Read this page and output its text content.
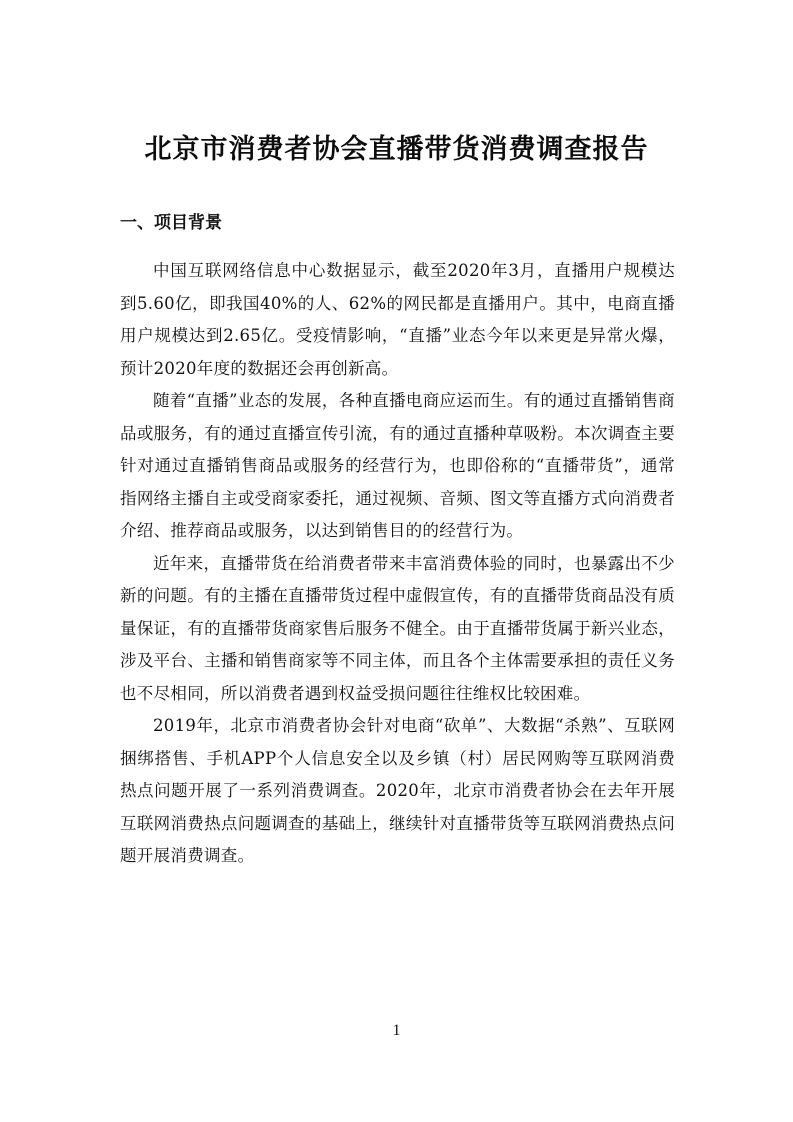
北京市消费者协会直播带货消费调查报告
一、项目背景

中国互联网络信息中心数据显示，截至2020年3月，直播用户规模达到5.60亿，即我国40%的人、62%的网民都是直播用户。其中，电商直播用户规模达到2.65亿。受疫情影响，“直播”业态今年以来更是异常火爆，预计2020年度的数据还会再创新高。

随着“直播”业态的发展，各种直播电商应运而生。有的通过直播销售商品或服务，有的通过直播宣传引流，有的通过直播种草吸粉。本次调查主要针对通过直播销售商品或服务的经营行为，也即俗称的“直播带货”，通常指网络主播自主或受商家委托，通过视频、音频、图文等直播方式向消费者介绍、推荐商品或服务，以达到销售目的的经营行为。

近年来，直播带货在给消费者带来丰富消费体验的同时，也暴露出不少新的问题。有的主播在直播带货过程中虚假宣传，有的直播带货商品没有质量保证，有的直播带货商家售后服务不健全。由于直播带货属于新兴业态，涉及平台、主播和销售商家等不同主体，而且各个主体需要承担的责任义务也不尽相同，所以消费者遇到权益受损问题往往维权比较困难。

2019年，北京市消费者协会针对电商“砍单”、大数据“杀熟”、互联网捆绑搭售、手机APP个人信息安全以及乡镇（村）居民网购等互联网消费热点问题开展了一系列消费调查。2020年，北京市消费者协会在去年开展互联网消费热点问题调查的基础上，继续针对直播带货等互联网消费热点问题开展消费调查。

1
